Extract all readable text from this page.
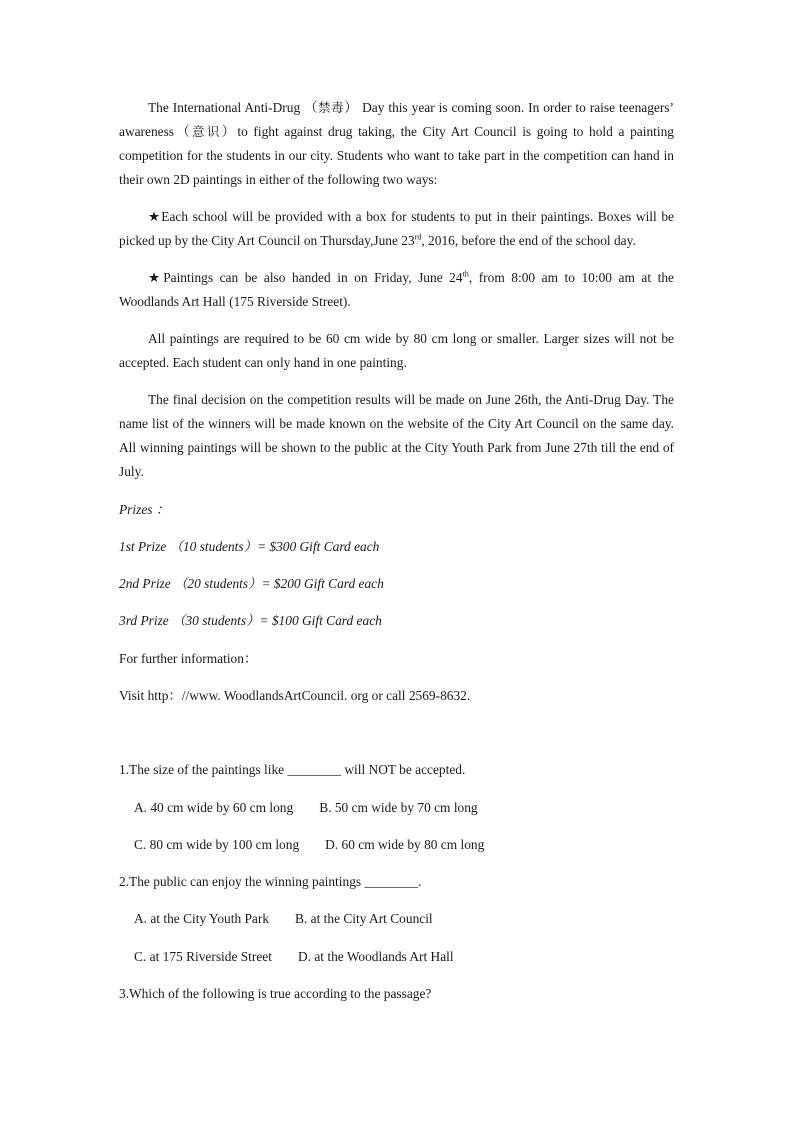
The International Anti-Drug （禁毒） Day this year is coming soon. In order to raise teenagers’ awareness（意识）to fight against drug taking, the City Art Council is going to hold a painting competition for the students in our city. Students who want to take part in the competition can hand in their own 2D paintings in either of the following two ways:

★Each school will be provided with a box for students to put in their paintings. Boxes will be picked up by the City Art Council on Thursday,June 23rd, 2016, before the end of the school day.

★Paintings can be also handed in on Friday, June 24th, from 8:00 am to 10:00 am at the Woodlands Art Hall (175 Riverside Street).

All paintings are required to be 60 cm wide by 80 cm long or smaller. Larger sizes will not be accepted. Each student can only hand in one painting.

The final decision on the competition results will be made on June 26th, the Anti-Drug Day. The name list of the winners will be made known on the website of the City Art Council on the same day. All winning paintings will be shown to the public at the City Youth Park from June 27th till the end of July.

Prizes ：

1st Prize （10 students）= $300 Gift Card each

2nd Prize （20 students）= $200 Gift Card each

3rd Prize （30 students）= $100 Gift Card each

For further information：

Visit http：//www. WoodlandsArtCouncil. org or call 2569-8632.

1.The size of the paintings like ________ will NOT be accepted.

A. 40 cm wide by 60 cm long B. 50 cm wide by 70 cm long

C. 80 cm wide by 100 cm long D. 60 cm wide by 80 cm long

2.The public can enjoy the winning paintings ________.

A. at the City Youth Park B. at the City Art Council

C. at 175 Riverside Street D. at the Woodlands Art Hall

3.Which of the following is true according to the passage?
